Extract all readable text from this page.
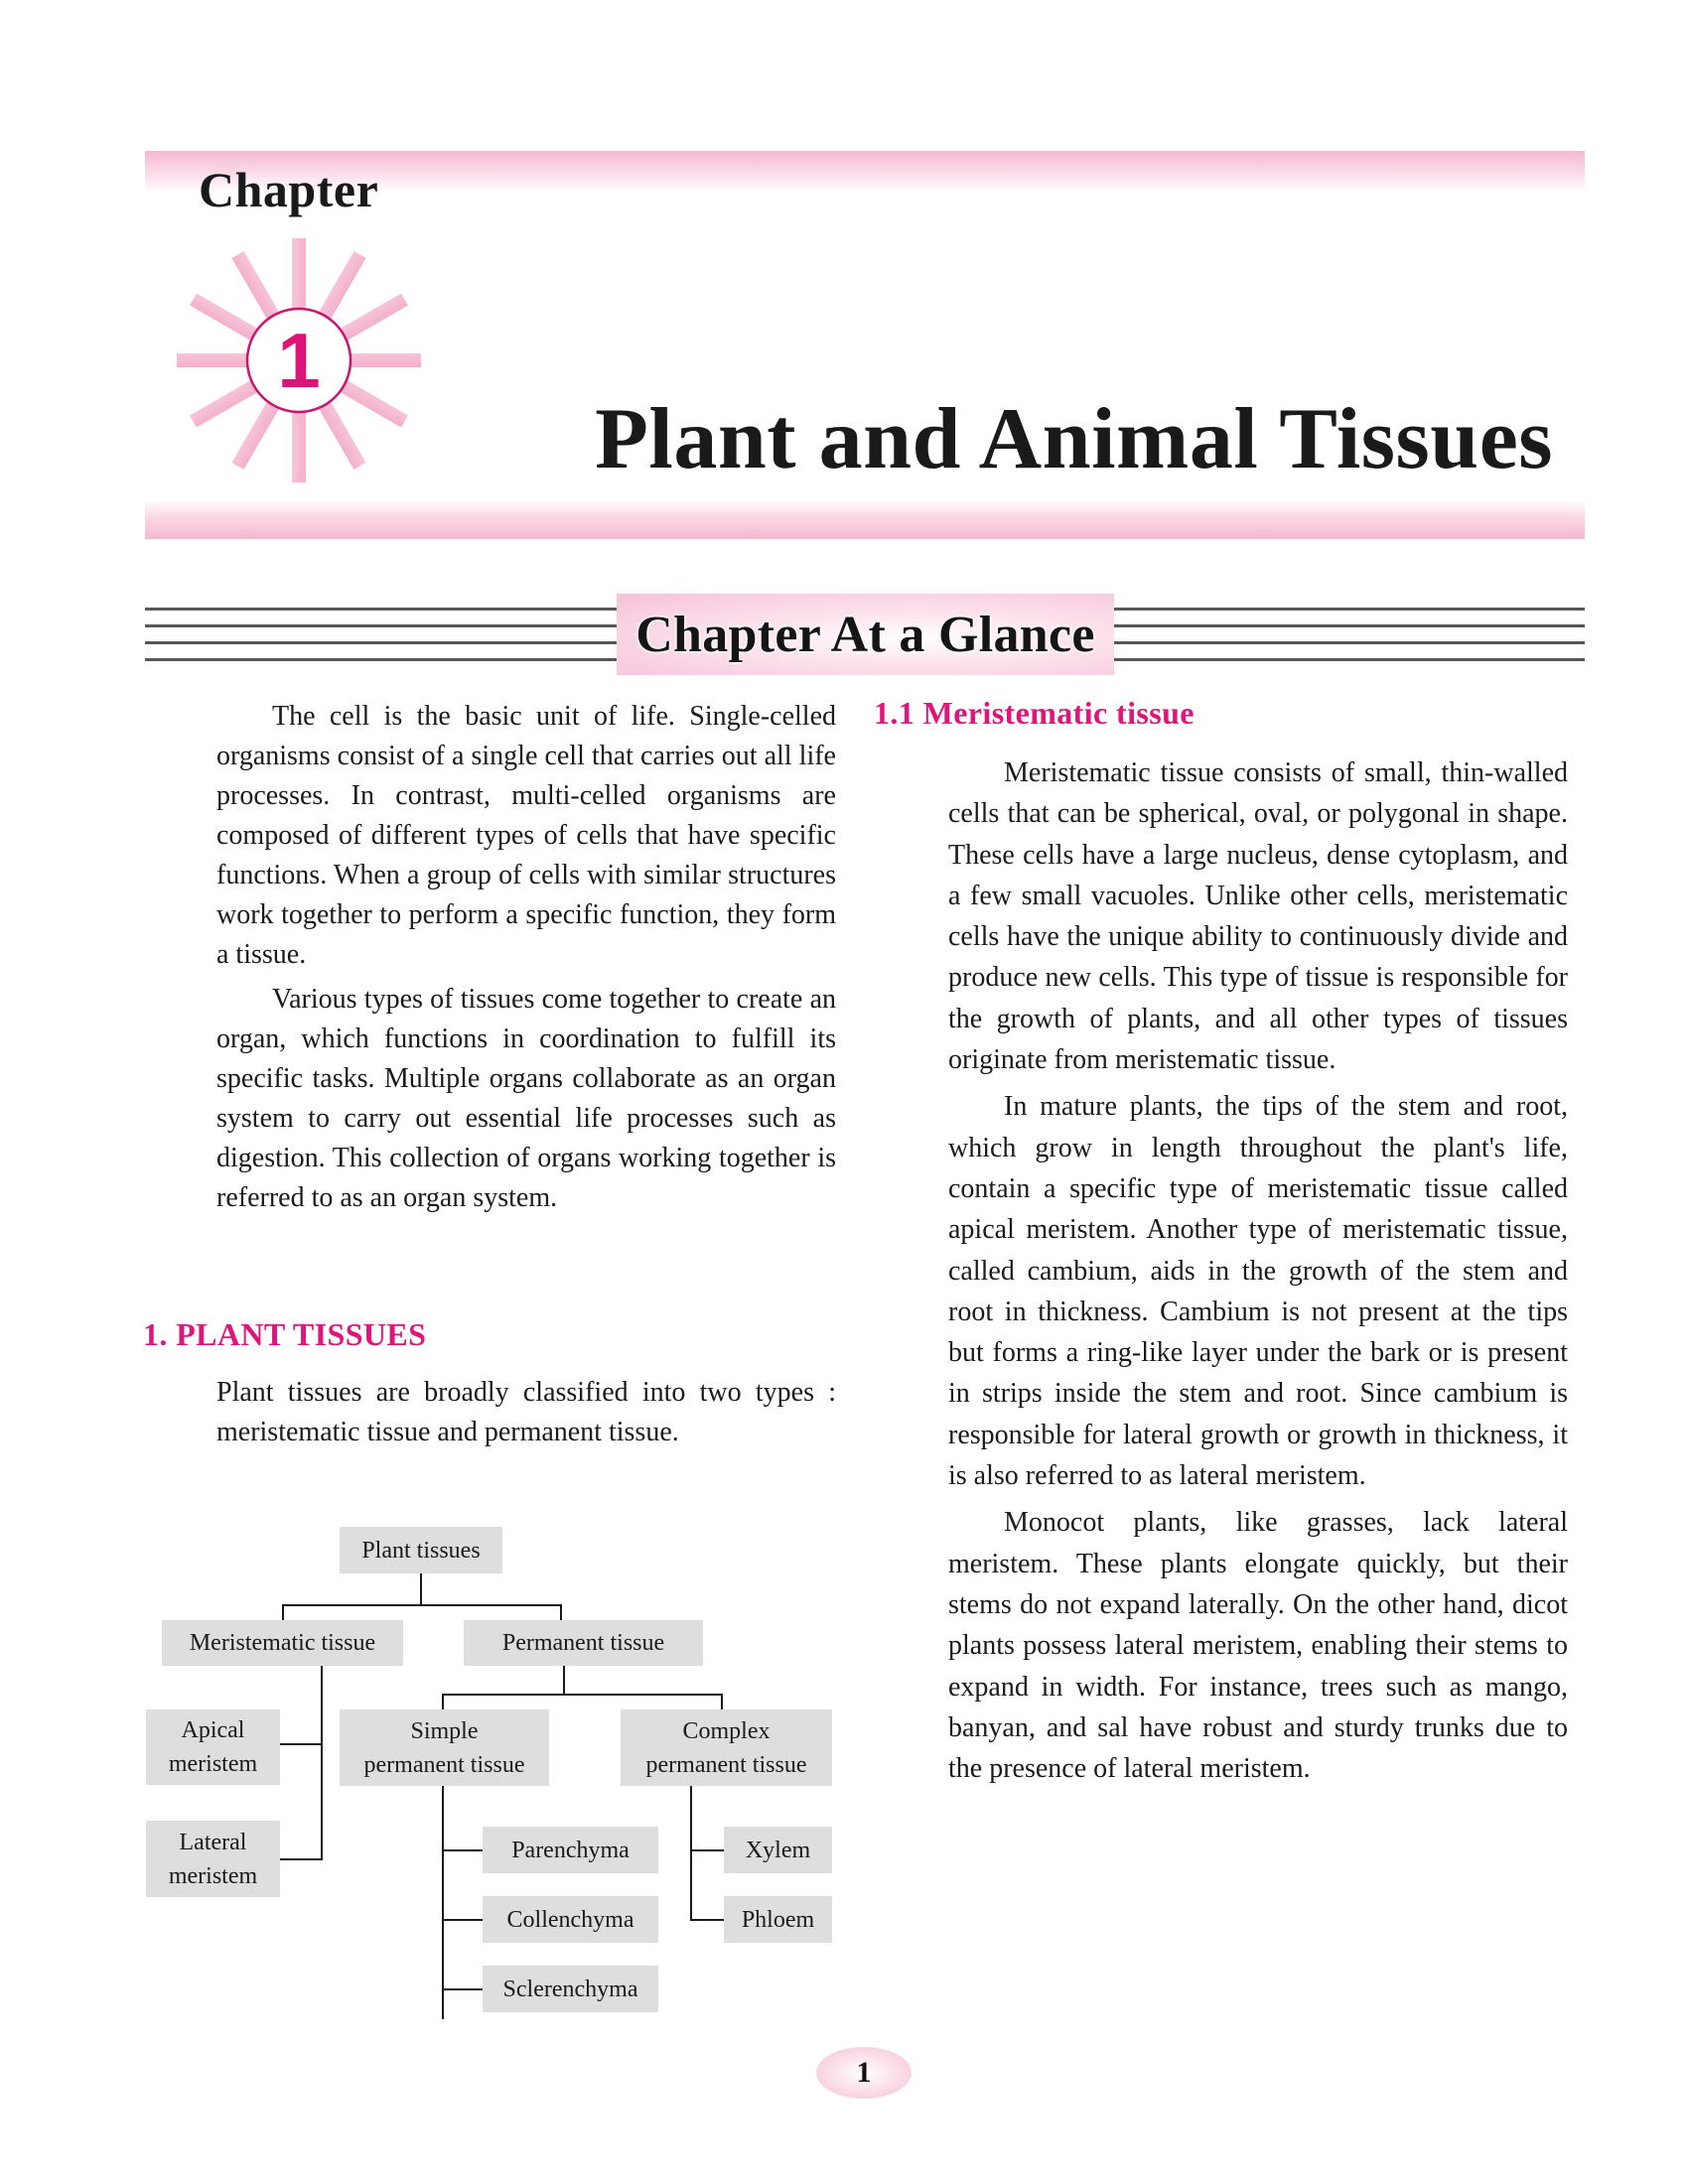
Chapter
1
Plant and Animal Tissues
Chapter At a Glance

The cell is the basic unit of life. Single-celled organisms consist of a single cell that carries out all life processes. In contrast, multi-celled organisms are composed of different types of cells that have specific functions. When a group of cells with similar structures work together to perform a specific function, they form a tissue.

Various types of tissues come together to create an organ, which functions in coordination to fulfill its specific tasks. Multiple organs collaborate as an organ system to carry out essential life processes such as digestion. This collection of organs working together is referred to as an organ system.

1. PLANT TISSUES

Plant tissues are broadly classified into two types : meristematic tissue and permanent tissue.

Plant tissues
Meristematic tissue	Permanent tissue
Apical meristem
Lateral meristem
Simple permanent tissue
Complex permanent tissue
Parenchyma
Collenchyma
Sclerenchyma
Xylem
Phloem
1.1 Meristematic tissue

Meristematic tissue consists of small, thin-walled cells that can be spherical, oval, or polygonal in shape. These cells have a large nucleus, dense cytoplasm, and a few small vacuoles. Unlike other cells, meristematic cells have the unique ability to continuously divide and produce new cells. This type of tissue is responsible for the growth of plants, and all other types of tissues originate from meristematic tissue.

In mature plants, the tips of the stem and root, which grow in length throughout the plant's life, contain a specific type of meristematic tissue called apical meristem. Another type of meristematic tissue, called cambium, aids in the growth of the stem and root in thickness. Cambium is not present at the tips but forms a ring-like layer under the bark or is present in strips inside the stem and root. Since cambium is responsible for lateral growth or growth in thickness, it is also referred to as lateral meristem.

Monocot plants, like grasses, lack lateral meristem. These plants elongate quickly, but their stems do not expand laterally. On the other hand, dicot plants possess lateral meristem, enabling their stems to expand in width. For instance, trees such as mango, banyan, and sal have robust and sturdy trunks due to the presence of lateral meristem.

1
